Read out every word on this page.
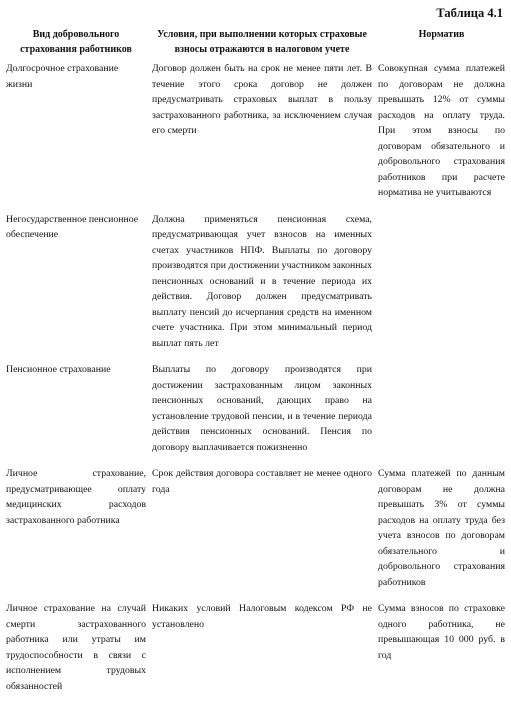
Таблица 4.1
Вид добровольного страхования работников	Условия, при выполнении которых страховые взносы отражаются в налоговом учете	Норматив
Долгосрочное страхование жизни	Договор должен быть на срок не менее пяти лет. В течение этого срока договор не должен предусматривать страховых выплат в пользу застрахованного работника, за исключением случая его смерти	Совокупная сумма платежей по договорам не должна превышать 12% от суммы расходов на оплату труда. При этом взносы по договорам обязательного и добровольного страхования работников при расчете норматива не учитываются
Негосударственное пенсионное обеспечение	Должна применяться пенсионная схема, предусматривающая учет взносов на именных счетах участников НПФ. Выплаты по договору производятся при достижении участником законных пенсионных оснований и в течение периода их действия. Договор должен предусматривать выплату пенсий до исчерпания средств на именном счете участника. При этом минимальный период выплат пять лет	
Пенсионное страхование	Выплаты по договору производятся при достижении застрахованным лицом законных пенсионных оснований, дающих право на установление трудовой пенсии, и в течение периода действия пенсионных оснований. Пенсия по договору выплачивается пожизненно	
Личное страхование, предусматривающее оплату медицинских расходов застрахованного работника	Срок действия договора составляет не менее одного года	Сумма платежей по данным договорам не должна превышать 3% от суммы расходов на оплату труда без учета взносов по договорам обязательного и добровольного страхования работников
Личное страхование на случай смерти застрахованного работника или утраты им трудоспособности в связи с исполнением трудовых обязанностей	Никаких условий Налоговым кодексом РФ не установлено	Сумма взносов по страховке одного работника, не превышающая 10 000 руб. в год
